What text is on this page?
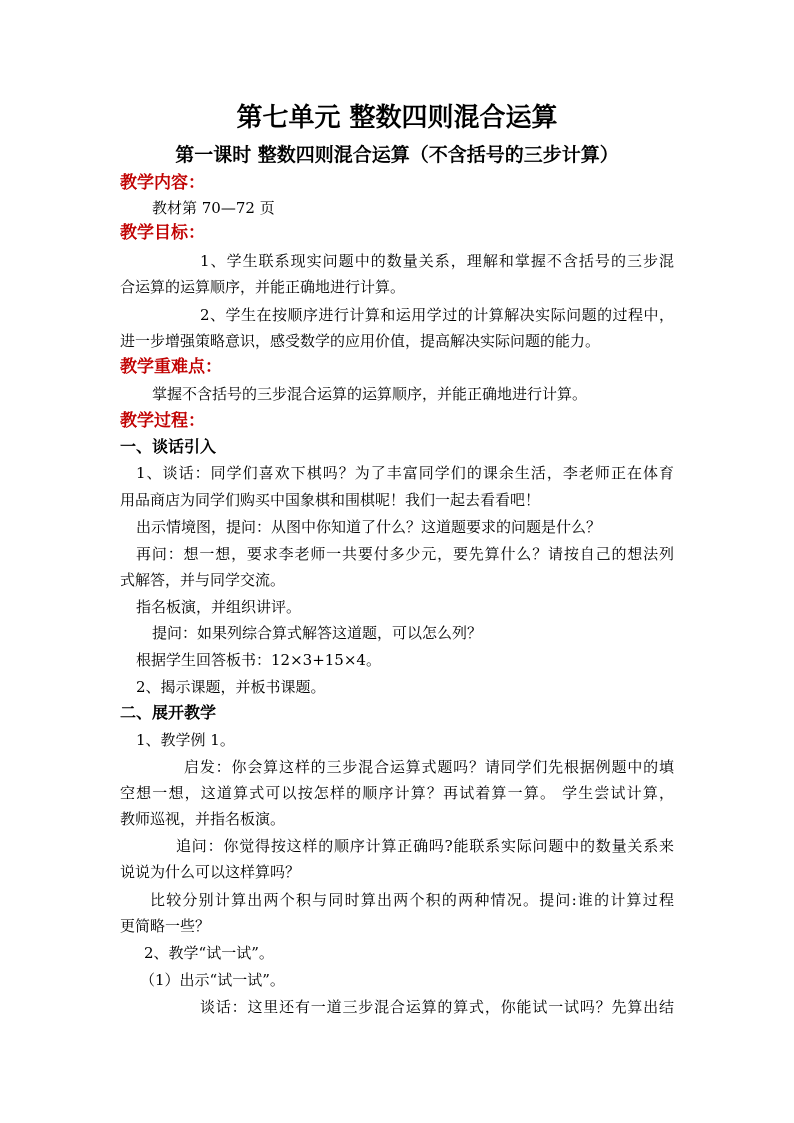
第七单元 整数四则混合运算
第一课时 整数四则混合运算（不含括号的三步计算）
教学内容：
教材第 70—72 页
教学目标：
1、学生联系现实问题中的数量关系，理解和掌握不含括号的三步混
合运算的运算顺序，并能正确地进行计算。
2、学生在按顺序进行计算和运用学过的计算解决实际问题的过程中，
进一步增强策略意识，感受数学的应用价值，提高解决实际问题的能力。
教学重难点：
掌握不含括号的三步混合运算的运算顺序，并能正确地进行计算。
教学过程：
一、谈话引入
1、谈话：同学们喜欢下棋吗？为了丰富同学们的课余生活，李老师正在体育
用品商店为同学们购买中国象棋和围棋呢！我们一起去看看吧！
出示情境图，提问：从图中你知道了什么？这道题要求的问题是什么？
再问：想一想，要求李老师一共要付多少元，要先算什么？请按自己的想法列
式解答，并与同学交流。
指名板演，并组织讲评。
提问：如果列综合算式解答这道题，可以怎么列？
根据学生回答板书：12×3+15×4。
2、揭示课题，并板书课题。
二、展开教学
1、教学例 1。
启发：你会算这样的三步混合运算式题吗？请同学们先根据例题中的填
空想一想，这道算式可以按怎样的顺序计算？再试着算一算。 学生尝试计算，
教师巡视，并指名板演。
追问：你觉得按这样的顺序计算正确吗?能联系实际问题中的数量关系来
说说为什么可以这样算吗？
比较分别计算出两个积与同时算出两个积的两种情况。提问:谁的计算过程
更简略一些？
2、教学“试一试”。
（1）出示“试一试”。
谈话：这里还有一道三步混合运算的算式，你能试一试吗？先算出结
